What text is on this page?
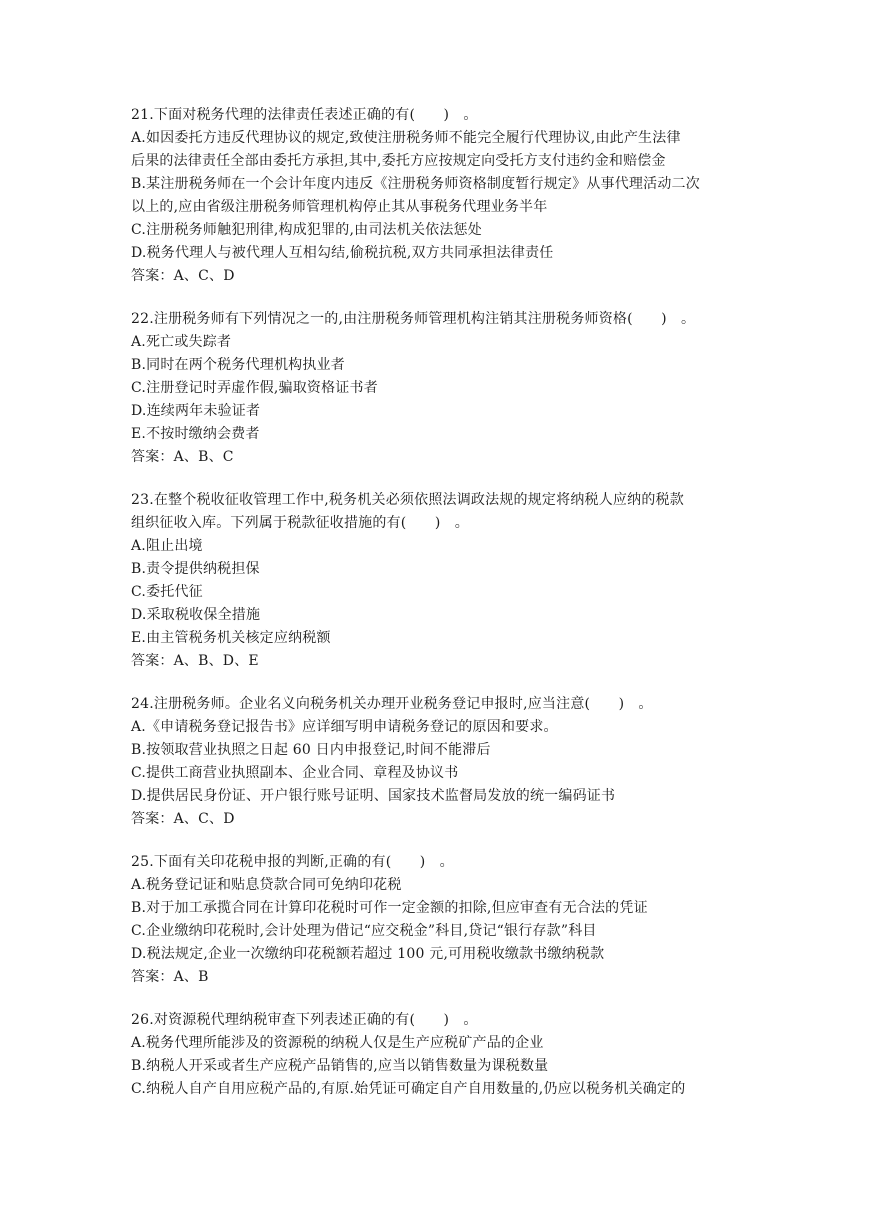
21.下面对税务代理的法律责任表述正确的有(　　)　。
A.如因委托方违反代理协议的规定,致使注册税务师不能完全履行代理协议,由此产生法律
后果的法律责任全部由委托方承担,其中,委托方应按规定向受托方支付违约金和赔偿金
B.某注册税务师在一个会计年度内违反《注册税务师资格制度暂行规定》从事代理活动二次
以上的,应由省级注册税务师管理机构停止其从事税务代理业务半年
C.注册税务师触犯刑律,构成犯罪的,由司法机关依法惩处
D.税务代理人与被代理人互相勾结,偷税抗税,双方共同承担法律责任
答案：A、C、D
22.注册税务师有下列情况之一的,由注册税务师管理机构注销其注册税务师资格(　　)　。
A.死亡或失踪者
B.同时在两个税务代理机构执业者
C.注册登记时弄虚作假,骗取资格证书者
D.连续两年未验证者
E.不按时缴纳会费者
答案：A、B、C
23.在整个税收征收管理工作中,税务机关必须依照法调政法规的规定将纳税人应纳的税款
组织征收入库。下列属于税款征收措施的有(　　)　。
A.阻止出境
B.责令提供纳税担保
C.委托代征
D.采取税收保全措施
E.由主管税务机关核定应纳税额
答案：A、B、D、E
24.注册税务师。企业名义向税务机关办理开业税务登记申报时,应当注意(　　)　。
A.《申请税务登记报告书》应详细写明申请税务登记的原因和要求。
B.按领取营业执照之日起 60 日内申报登记,时间不能滞后
C.提供工商营业执照副本、企业合同、章程及协议书
D.提供居民身份证、开户银行账号证明、国家技术监督局发放的统一编码证书
答案：A、C、D
25.下面有关印花税申报的判断,正确的有(　　)　。
A.税务登记证和贴息贷款合同可免纳印花税
B.对于加工承揽合同在计算印花税时可作一定金额的扣除,但应审查有无合法的凭证
C.企业缴纳印花税时,会计处理为借记“应交税金”科目,贷记“银行存款”科目
D.税法规定,企业一次缴纳印花税额若超过 100 元,可用税收缴款书缴纳税款
答案：A、B
26.对资源税代理纳税审查下列表述正确的有(　　)　。
A.税务代理所能涉及的资源税的纳税人仅是生产应税矿产品的企业
B.纳税人开采或者生产应税产品销售的,应当以销售数量为课税数量
C.纳税人自产自用应税产品的,有原.始凭证可确定自产自用数量的,仍应以税务机关确定的
